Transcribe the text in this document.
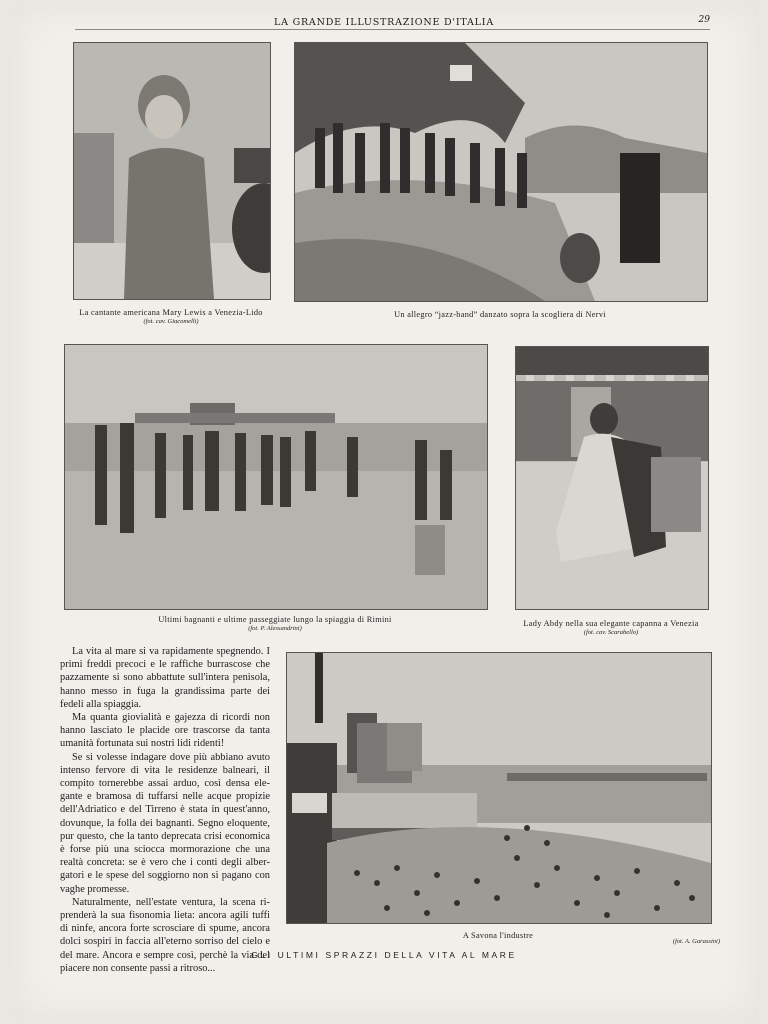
LA GRANDE ILLUSTRAZIONE D'ITALIA	29
La cantante americana Mary Lewis a Venezia-Lido
(fot. cav. Giacomelli)
Un allegro “jazz-band” danzato sopra la scogliera di Nervi
Ultimi bagnanti e ultime passeggiate lungo la spiaggia di Rimini
(fot. P. Alessandrini)
Lady Abdy nella sua elegante capanna a Venezia
(fot. cav. Scarabello)

La vita al mare si va rapidamente spegnendo. I primi freddi precoci e le raffiche burrascose che pazzamente si sono abbattute sull'intera penisola, hanno messo in fuga la grandissima parte dei fedeli alla spiaggia.

Ma quanta giovialità e gajezza di ricordi non hanno lasciato le placide ore trascorse da tanta umanità fortunata sui nostri lidi ridenti!

Se si volesse indagare dove più abbiano avuto intenso fervore di vita le residenze balneari, il compito tornerebbe assai arduo, così densa elegante e bramosa di tuffarsi nelle acque propizie dell'Adriatico e del Tirreno è stata in quest'anno, dovunque, la folla dei bagnanti. Segno eloquente, pur questo, che la tanto deprecata crisi economica è forse più una sciocca mormorazione che una realtà concreta: se è vero che i conti degli albergatori e le spese del soggiorno non si pagano con vaghe promesse.

Naturalmente, nell'estate ventura, la scena riprenderà la sua fisonomia lieta: ancora agili tuffi di ninfe, ancora forte scrosciare di spume, ancora dolci sospiri in faccia all'eterno sorriso del cielo e del mare. Ancora e sempre così, perchè la via del piacere non consente passi a ritroso...

A Savona l'industre
(fot. A. Garassini)
GLI ULTIMI SPRAZZI DELLA VITA AL MARE
